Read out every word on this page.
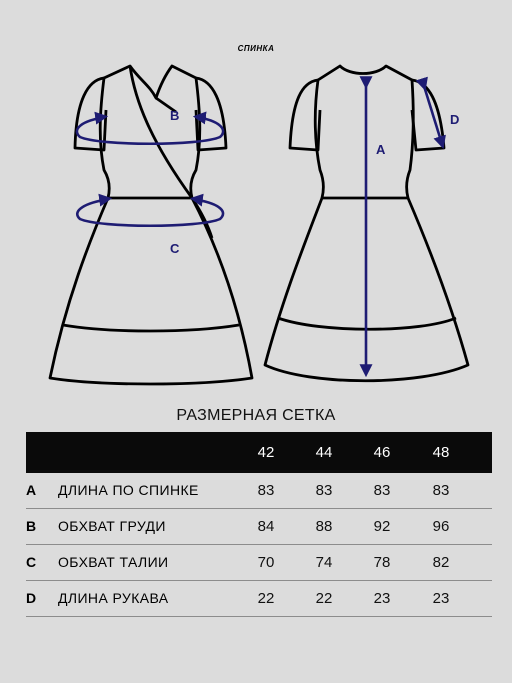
СПИНКА
B
C
A
D
РАЗМЕРНАЯ СЕТКА
42	44	46	48
A ДЛИНА ПО СПИНКЕ	83	83	83	83
B ОБХВАТ ГРУДИ	84	88	92	96
C ОБХВАТ ТАЛИИ	70	74	78	82
D ДЛИНА РУКАВА	22	22	23	23
